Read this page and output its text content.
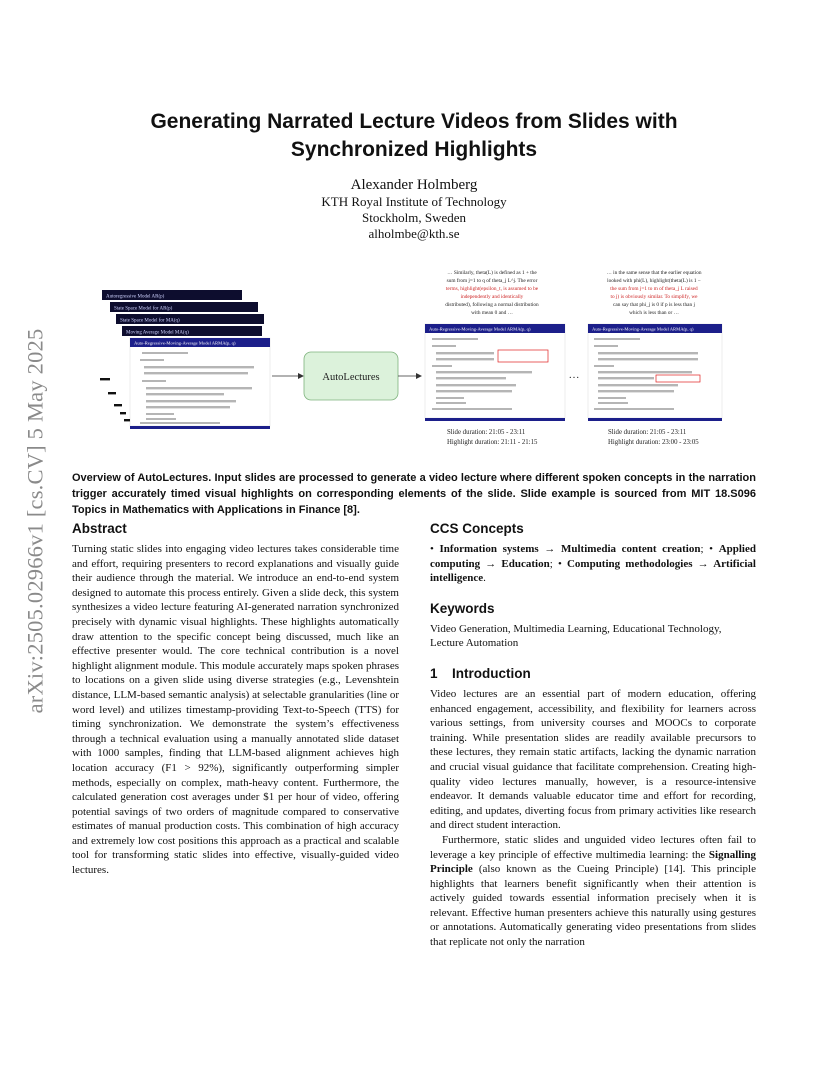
arXiv:2505.02966v1 [cs.CV] 5 May 2025
Generating Narrated Lecture Videos from Slides with
Synchronized Highlights
Alexander Holmberg
KTH Royal Institute of Technology
Stockholm, Sweden
alholmbe@kth.se
Autoregressive Model AR(p)
State Space Model for AR(p)
State Space Model for MA(q)
Moving Average Model MA(q)
Auto-Regressive-Moving-Average Model ARMA(p, q)
AutoLectures
… Similarly, theta(L) is defined as 1 + the
sum from j=1 to q of theta_j L^j. The error
terms, highlight(epsilon_t, is assumed to be
independently and identically
distributed), following a normal distribution
with mean 0 and …
Auto-Regressive-Moving-Average Model ARMA(p, q)
Slide duration: 21:05 - 23:11
Highlight duration: 21:11 - 21:15
…
… in the same sense that the earlier equation
looked with phi(L), highlight(theta(L) is 1 −
the sum from j=1 to m of theta_j L raised
to j) is obviously similar. To simplify, we
can say that phi_j is 0 if p is less than j
which is less than or …
Auto-Regressive-Moving-Average Model ARMA(p, q)
Slide duration: 21:05 - 23:11
Highlight duration: 23:00 - 23:05

Overview of AutoLectures. Input slides are processed to generate a video lecture where different spoken concepts in the narration trigger accurately timed visual highlights on corresponding elements of the slide. Slide example is sourced from MIT 18.S096 Topics in Mathematics with Applications in Finance [8].

Abstract

Turning static slides into engaging video lectures takes considerable time and effort, requiring presenters to record explanations and visually guide their audience through the material. We introduce an end-to-end system designed to automate this process entirely. Given a slide deck, this system synthesizes a video lecture featuring AI-generated narration synchronized precisely with dynamic visual highlights. These highlights automatically draw attention to the specific concept being discussed, much like an effective presenter would. The core technical contribution is a novel highlight alignment module. This module accurately maps spoken phrases to locations on a given slide using diverse strategies (e.g., Levenshtein distance, LLM-based semantic analysis) at selectable granularities (line or word level) and utilizes timestamp-providing Text-to-Speech (TTS) for timing synchronization. We demonstrate the system’s effectiveness through a technical evaluation using a manually annotated slide dataset with 1000 samples, finding that LLM-based alignment achieves high location accuracy (F1 > 92%), significantly outperforming simpler methods, especially on complex, math-heavy content. Furthermore, the calculated generation cost averages under $1 per hour of video, offering potential savings of two orders of magnitude compared to conservative estimates of manual production costs. This combination of high accuracy and extremely low cost positions this approach as a practical and scalable tool for transforming static slides into effective, visually-guided video lectures.

CCS Concepts

• Information systems → Multimedia content creation; • Applied computing → Education; • Computing methodologies → Artificial intelligence.

Keywords

Video Generation, Multimedia Learning, Educational Technology, Lecture Automation

1 Introduction

Video lectures are an essential part of modern education, offering enhanced engagement, accessibility, and flexibility for learners across various settings, from university courses and MOOCs to corporate training. While presentation slides are readily available precursors to these lectures, they remain static artifacts, lacking the dynamic narration and crucial visual guidance that facilitate comprehension. Creating high-quality video lectures manually, however, is a resource-intensive endeavor. It demands valuable educator time and effort for recording, editing, and updates, diverting focus from primary activities like research and direct student interaction.

Furthermore, static slides and unguided video lectures often fail to leverage a key principle of effective multimedia learning: the Signalling Principle (also known as the Cueing Principle) [14]. This principle highlights that learners benefit significantly when their attention is actively guided towards essential information precisely when it is relevant. Effective human presenters achieve this naturally using gestures or annotations. Automatically generating video presentations from slides that replicate not only the narration
